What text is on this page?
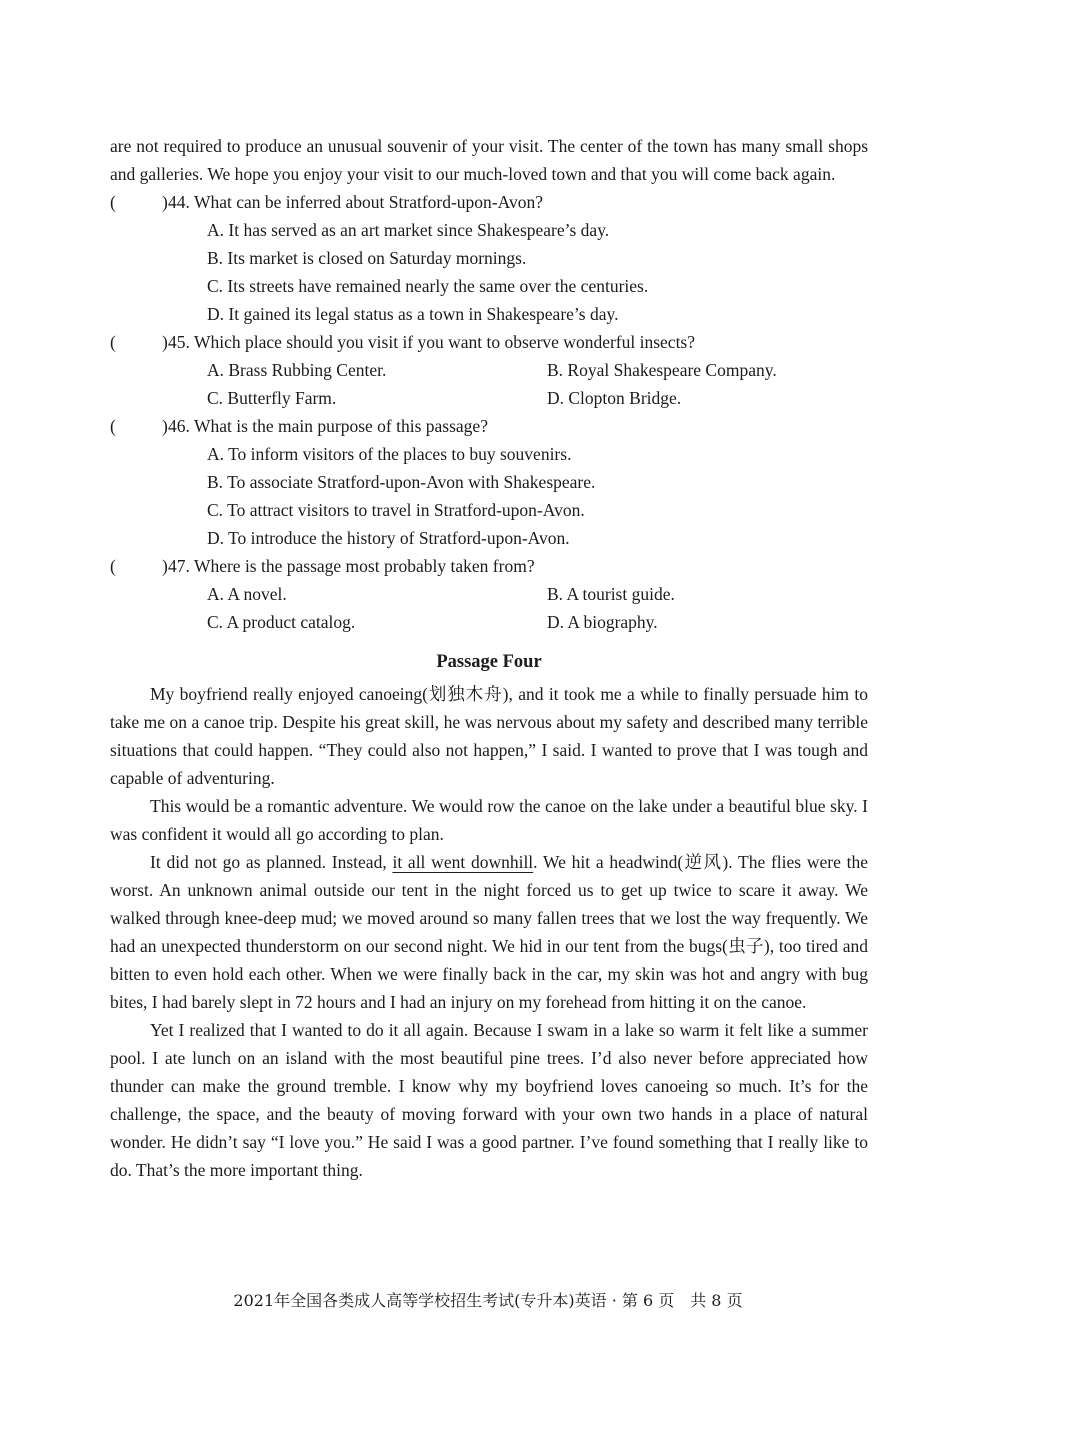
are not required to produce an unusual souvenir of your visit. The center of the town has many small shops and galleries. We hope you enjoy your visit to our much-loved town and that you will come back again.

(	) 44. What can be inferred about Stratford-upon-Avon?
A. It has served as an art market since Shakespeare’s day.
B. Its market is closed on Saturday mornings.
C. Its streets have remained nearly the same over the centuries.
D. It gained its legal status as a town in Shakespeare’s day.
(	) 45. Which place should you visit if you want to observe wonderful insects?
A. Brass Rubbing Center.	B. Royal Shakespeare Company.
C. Butterfly Farm.	D. Clopton Bridge.
(	) 46. What is the main purpose of this passage?
A. To inform visitors of the places to buy souvenirs.
B. To associate Stratford-upon-Avon with Shakespeare.
C. To attract visitors to travel in Stratford-upon-Avon.
D. To introduce the history of Stratford-upon-Avon.
(	) 47. Where is the passage most probably taken from?
A. A novel.	B. A tourist guide.
C. A product catalog.	D. A biography.
Passage Four

My boyfriend really enjoyed canoeing(划独木舟), and it took me a while to finally persuade him to take me on a canoe trip. Despite his great skill, he was nervous about my safety and described many terrible situations that could happen. “They could also not happen,” I said. I wanted to prove that I was tough and capable of adventuring.

This would be a romantic adventure. We would row the canoe on the lake under a beautiful blue sky. I was confident it would all go according to plan.

It did not go as planned. Instead, it all went downhill. We hit a headwind(逆风). The flies were the worst. An unknown animal outside our tent in the night forced us to get up twice to scare it away. We walked through knee-deep mud; we moved around so many fallen trees that we lost the way frequently. We had an unexpected thunderstorm on our second night. We hid in our tent from the bugs(虫子), too tired and bitten to even hold each other. When we were finally back in the car, my skin was hot and angry with bug bites, I had barely slept in 72 hours and I had an injury on my forehead from hitting it on the canoe.

Yet I realized that I wanted to do it all again. Because I swam in a lake so warm it felt like a summer pool. I ate lunch on an island with the most beautiful pine trees. I’d also never before appreciated how thunder can make the ground tremble. I know why my boyfriend loves canoeing so much. It’s for the challenge, the space, and the beauty of moving forward with your own two hands in a place of natural wonder. He didn’t say “I love you.” He said I was a good partner. I’ve found something that I really like to do. That’s the more important thing.

2021年全国各类成人高等学校招生考试(专升本)英语 · 第 6 页　共 8 页
